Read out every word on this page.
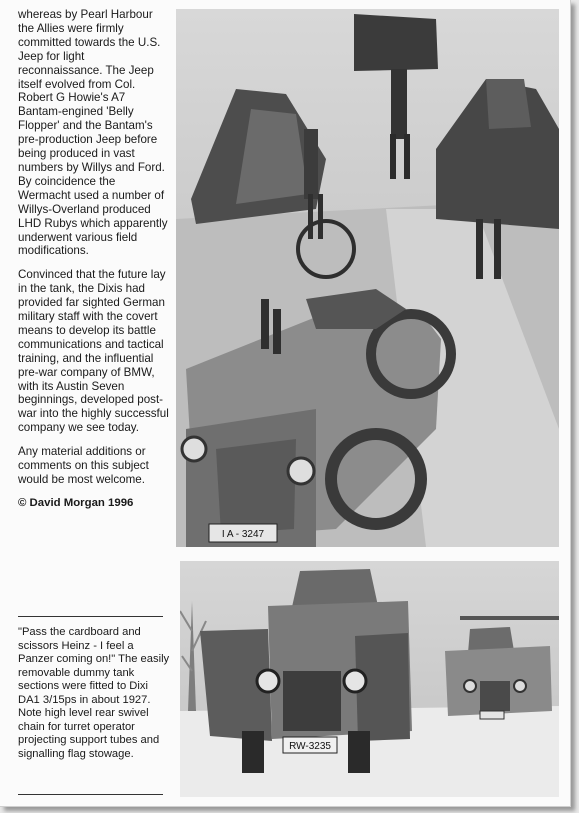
whereas by Pearl Harbour the Allies were firmly committed towards the U.S. Jeep for light reconnaissance. The Jeep itself evolved from Col. Robert G Howie's A7 Bantam-engined 'Belly Flopper' and the Bantam's pre-production Jeep before being produced in vast numbers by Willys and Ford. By coincidence the Wermacht used a number of Willys-Overland produced LHD Rubys which apparently underwent various field modifications.

Convinced that the future lay in the tank, the Dixis had provided far sighted German military staff with the covert means to develop its battle communications and tactical training, and the influential pre-war company of BMW, with its Austin Seven beginnings, developed post-war into the highly successful company we see today.

Any material additions or comments on this subject would be most welcome.

© David Morgan 1996

"Pass the cardboard and scissors Heinz - I feel a Panzer coming on!" The easily removable dummy tank sections were fitted to Dixi DA1 3/15ps in about 1927. Note high level rear swivel chain for turret operator projecting support tubes and signalling flag stowage.

I A - 3247
RW-3235
